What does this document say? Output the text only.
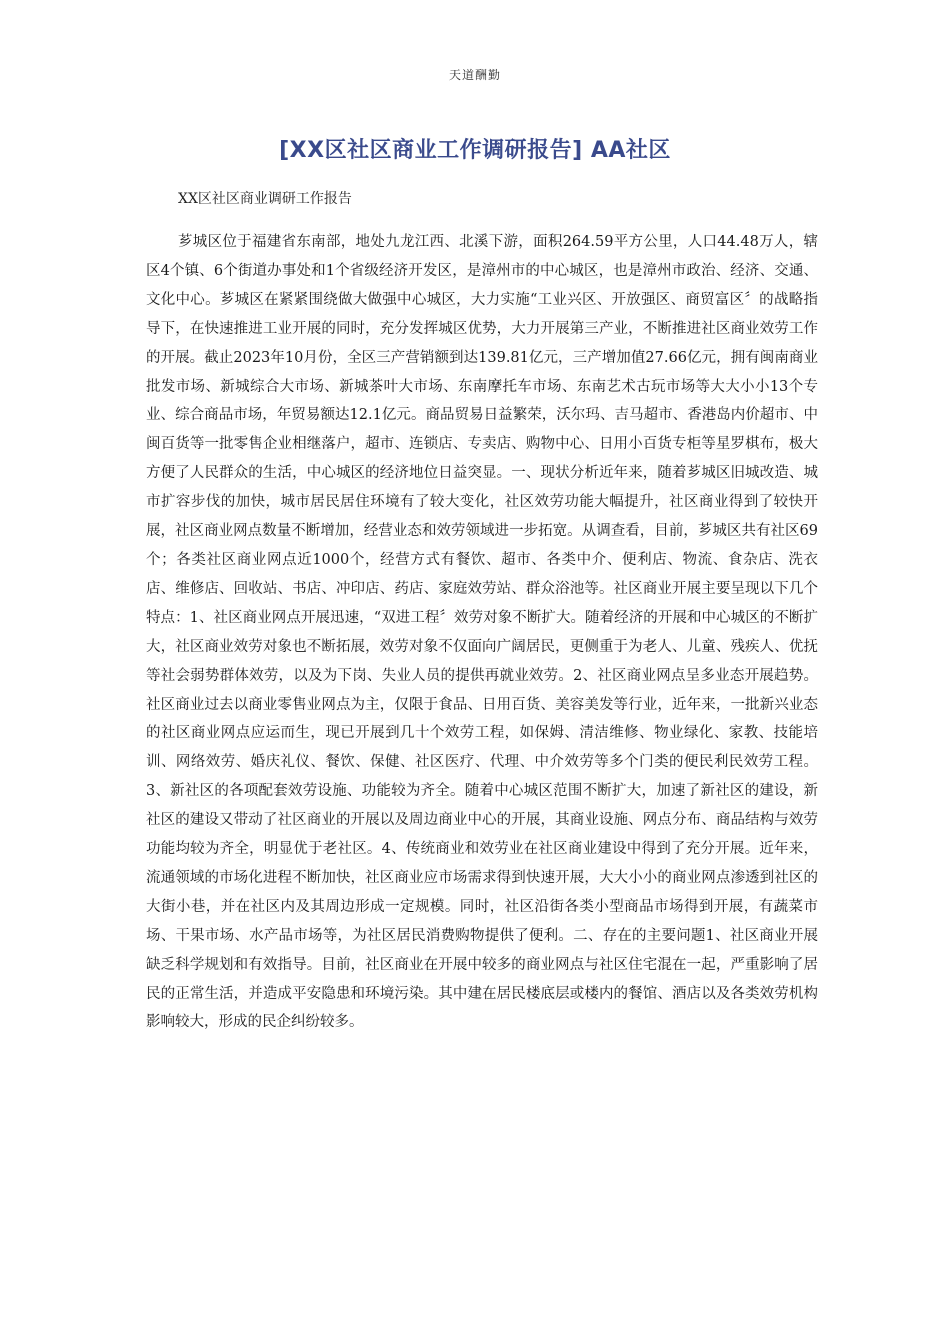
天道酬勤
[XX区社区商业工作调研报告] AA社区
XX区社区商业调研工作报告

芗城区位于福建省东南部，地处九龙江西、北溪下游，面积264.59平方公里，人口44.48万人，辖区4个镇、6个街道办事处和1个省级经济开发区，是漳州市的中心城区，也是漳州市政治、经济、交通、文化中心。芗城区在紧紧围绕做大做强中心城区，大力实施“工业兴区、开放强区、商贸富区〞的战略指导下，在快速推进工业开展的同时，充分发挥城区优势，大力开展第三产业，不断推进社区商业效劳工作的开展。截止2023年10月份，全区三产营销额到达139.81亿元，三产增加值27.66亿元，拥有闽南商业批发市场、新城综合大市场、新城茶叶大市场、东南摩托车市场、东南艺术古玩市场等大大小小13个专业、综合商品市场，年贸易额达12.1亿元。商品贸易日益繁荣，沃尔玛、吉马超市、香港岛内价超市、中闽百货等一批零售企业相继落户，超市、连锁店、专卖店、购物中心、日用小百货专柜等星罗棋布，极大方便了人民群众的生活，中心城区的经济地位日益突显。一、现状分析近年来，随着芗城区旧城改造、城市扩容步伐的加快，城市居民居住环境有了较大变化，社区效劳功能大幅提升，社区商业得到了较快开展，社区商业网点数量不断增加，经营业态和效劳领域进一步拓宽。从调查看，目前，芗城区共有社区69个；各类社区商业网点近1000个，经营方式有餐饮、超市、各类中介、便利店、物流、食杂店、洗衣店、维修店、回收站、书店、冲印店、药店、家庭效劳站、群众浴池等。社区商业开展主要呈现以下几个特点：1、社区商业网点开展迅速，“双进工程〞效劳对象不断扩大。随着经济的开展和中心城区的不断扩大，社区商业效劳对象也不断拓展，效劳对象不仅面向广阔居民，更侧重于为老人、儿童、残疾人、优抚等社会弱势群体效劳，以及为下岗、失业人员的提供再就业效劳。2、社区商业网点呈多业态开展趋势。社区商业过去以商业零售业网点为主，仅限于食品、日用百货、美容美发等行业，近年来，一批新兴业态的社区商业网点应运而生，现已开展到几十个效劳工程，如保姆、清洁维修、物业绿化、家教、技能培训、网络效劳、婚庆礼仪、餐饮、保健、社区医疗、代理、中介效劳等多个门类的便民利民效劳工程。3、新社区的各项配套效劳设施、功能较为齐全。随着中心城区范围不断扩大，加速了新社区的建设，新社区的建设又带动了社区商业的开展以及周边商业中心的开展，其商业设施、网点分布、商品结构与效劳功能均较为齐全，明显优于老社区。4、传统商业和效劳业在社区商业建设中得到了充分开展。近年来，流通领域的市场化进程不断加快，社区商业应市场需求得到快速开展，大大小小的商业网点渗透到社区的大街小巷，并在社区内及其周边形成一定规模。同时，社区沿街各类小型商品市场得到开展，有蔬菜市场、干果市场、水产品市场等，为社区居民消费购物提供了便利。二、存在的主要问题1、社区商业开展缺乏科学规划和有效指导。目前，社区商业在开展中较多的商业网点与社区住宅混在一起，严重影响了居民的正常生活，并造成平安隐患和环境污染。其中建在居民楼底层或楼内的餐馆、酒店以及各类效劳机构影响较大，形成的民企纠纷较多。
